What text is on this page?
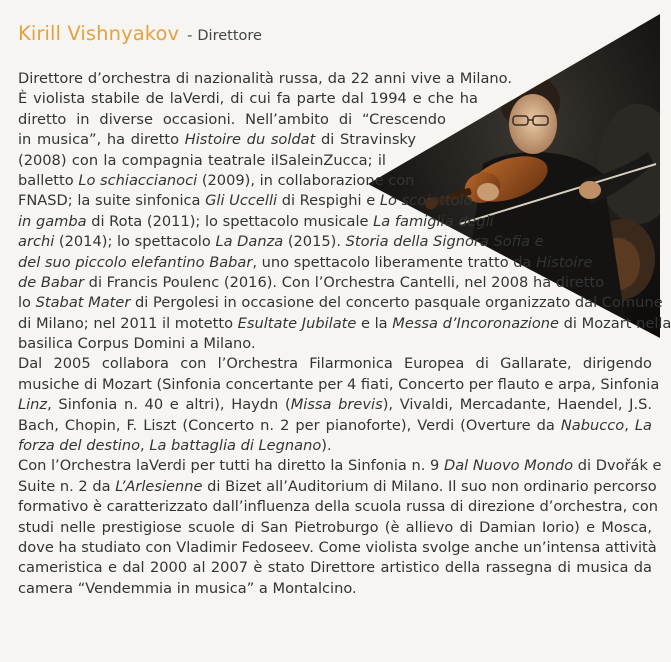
Kirill Vishnyakov - Direttore
Direttore d’orchestra di nazionalità russa, da 22 anni vive a Milano.
È violista stabile de laVerdi, di cui fa parte dal 1994 e che ha
diretto in diverse occasioni. Nell’ambito di “Crescendo
in musica”, ha diretto Histoire du soldat di Stravinsky
(2008) con la compagnia teatrale ilSaleinZucca; il
balletto Lo schiaccianoci (2009), in collaborazione con
FNASD; la suite sinfonica Gli Uccelli di Respighi e Lo scoiattolo
in gamba di Rota (2011); lo spettacolo musicale La famiglia degli
archi (2014); lo spettacolo La Danza (2015). Storia della Signora Sofia e
del suo piccolo elefantino Babar, uno spettacolo liberamente tratto da Histoire
de Babar di Francis Poulenc (2016). Con l’Orchestra Cantelli, nel 2008 ha diretto
lo Stabat Mater di Pergolesi in occasione del concerto pasquale organizzato dal Comune
di Milano; nel 2011 il motetto Esultate Jubilate e la Messa d’Incoronazione di Mozart nella
basilica Corpus Domini a Milano.
Dal 2005 collabora con l’Orchestra Filarmonica Europea di Gallarate, dirigendo
musiche di Mozart (Sinfonia concertante per 4 fiati, Concerto per flauto e arpa, Sinfonia
Linz, Sinfonia n. 40 e altri), Haydn (Missa brevis), Vivaldi, Mercadante, Haendel, J.S.
Bach, Chopin, F. Liszt (Concerto n. 2 per pianoforte), Verdi (Overture da Nabucco, La
forza del destino, La battaglia di Legnano).
Con l’Orchestra laVerdi per tutti ha diretto la Sinfonia n. 9 Dal Nuovo Mondo di Dvořák e
Suite n. 2 da L’Arlesienne di Bizet all’Auditorium di Milano. Il suo non ordinario percorso
formativo è caratterizzato dall’influenza della scuola russa di direzione d’orchestra, con
studi nelle prestigiose scuole di San Pietroburgo (è allievo di Damian Iorio) e Mosca,
dove ha studiato con Vladimir Fedoseev. Come violista svolge anche un’intensa attività
cameristica e dal 2000 al 2007 è stato Direttore artistico della rassegna di musica da
camera “Vendemmia in musica” a Montalcino.
